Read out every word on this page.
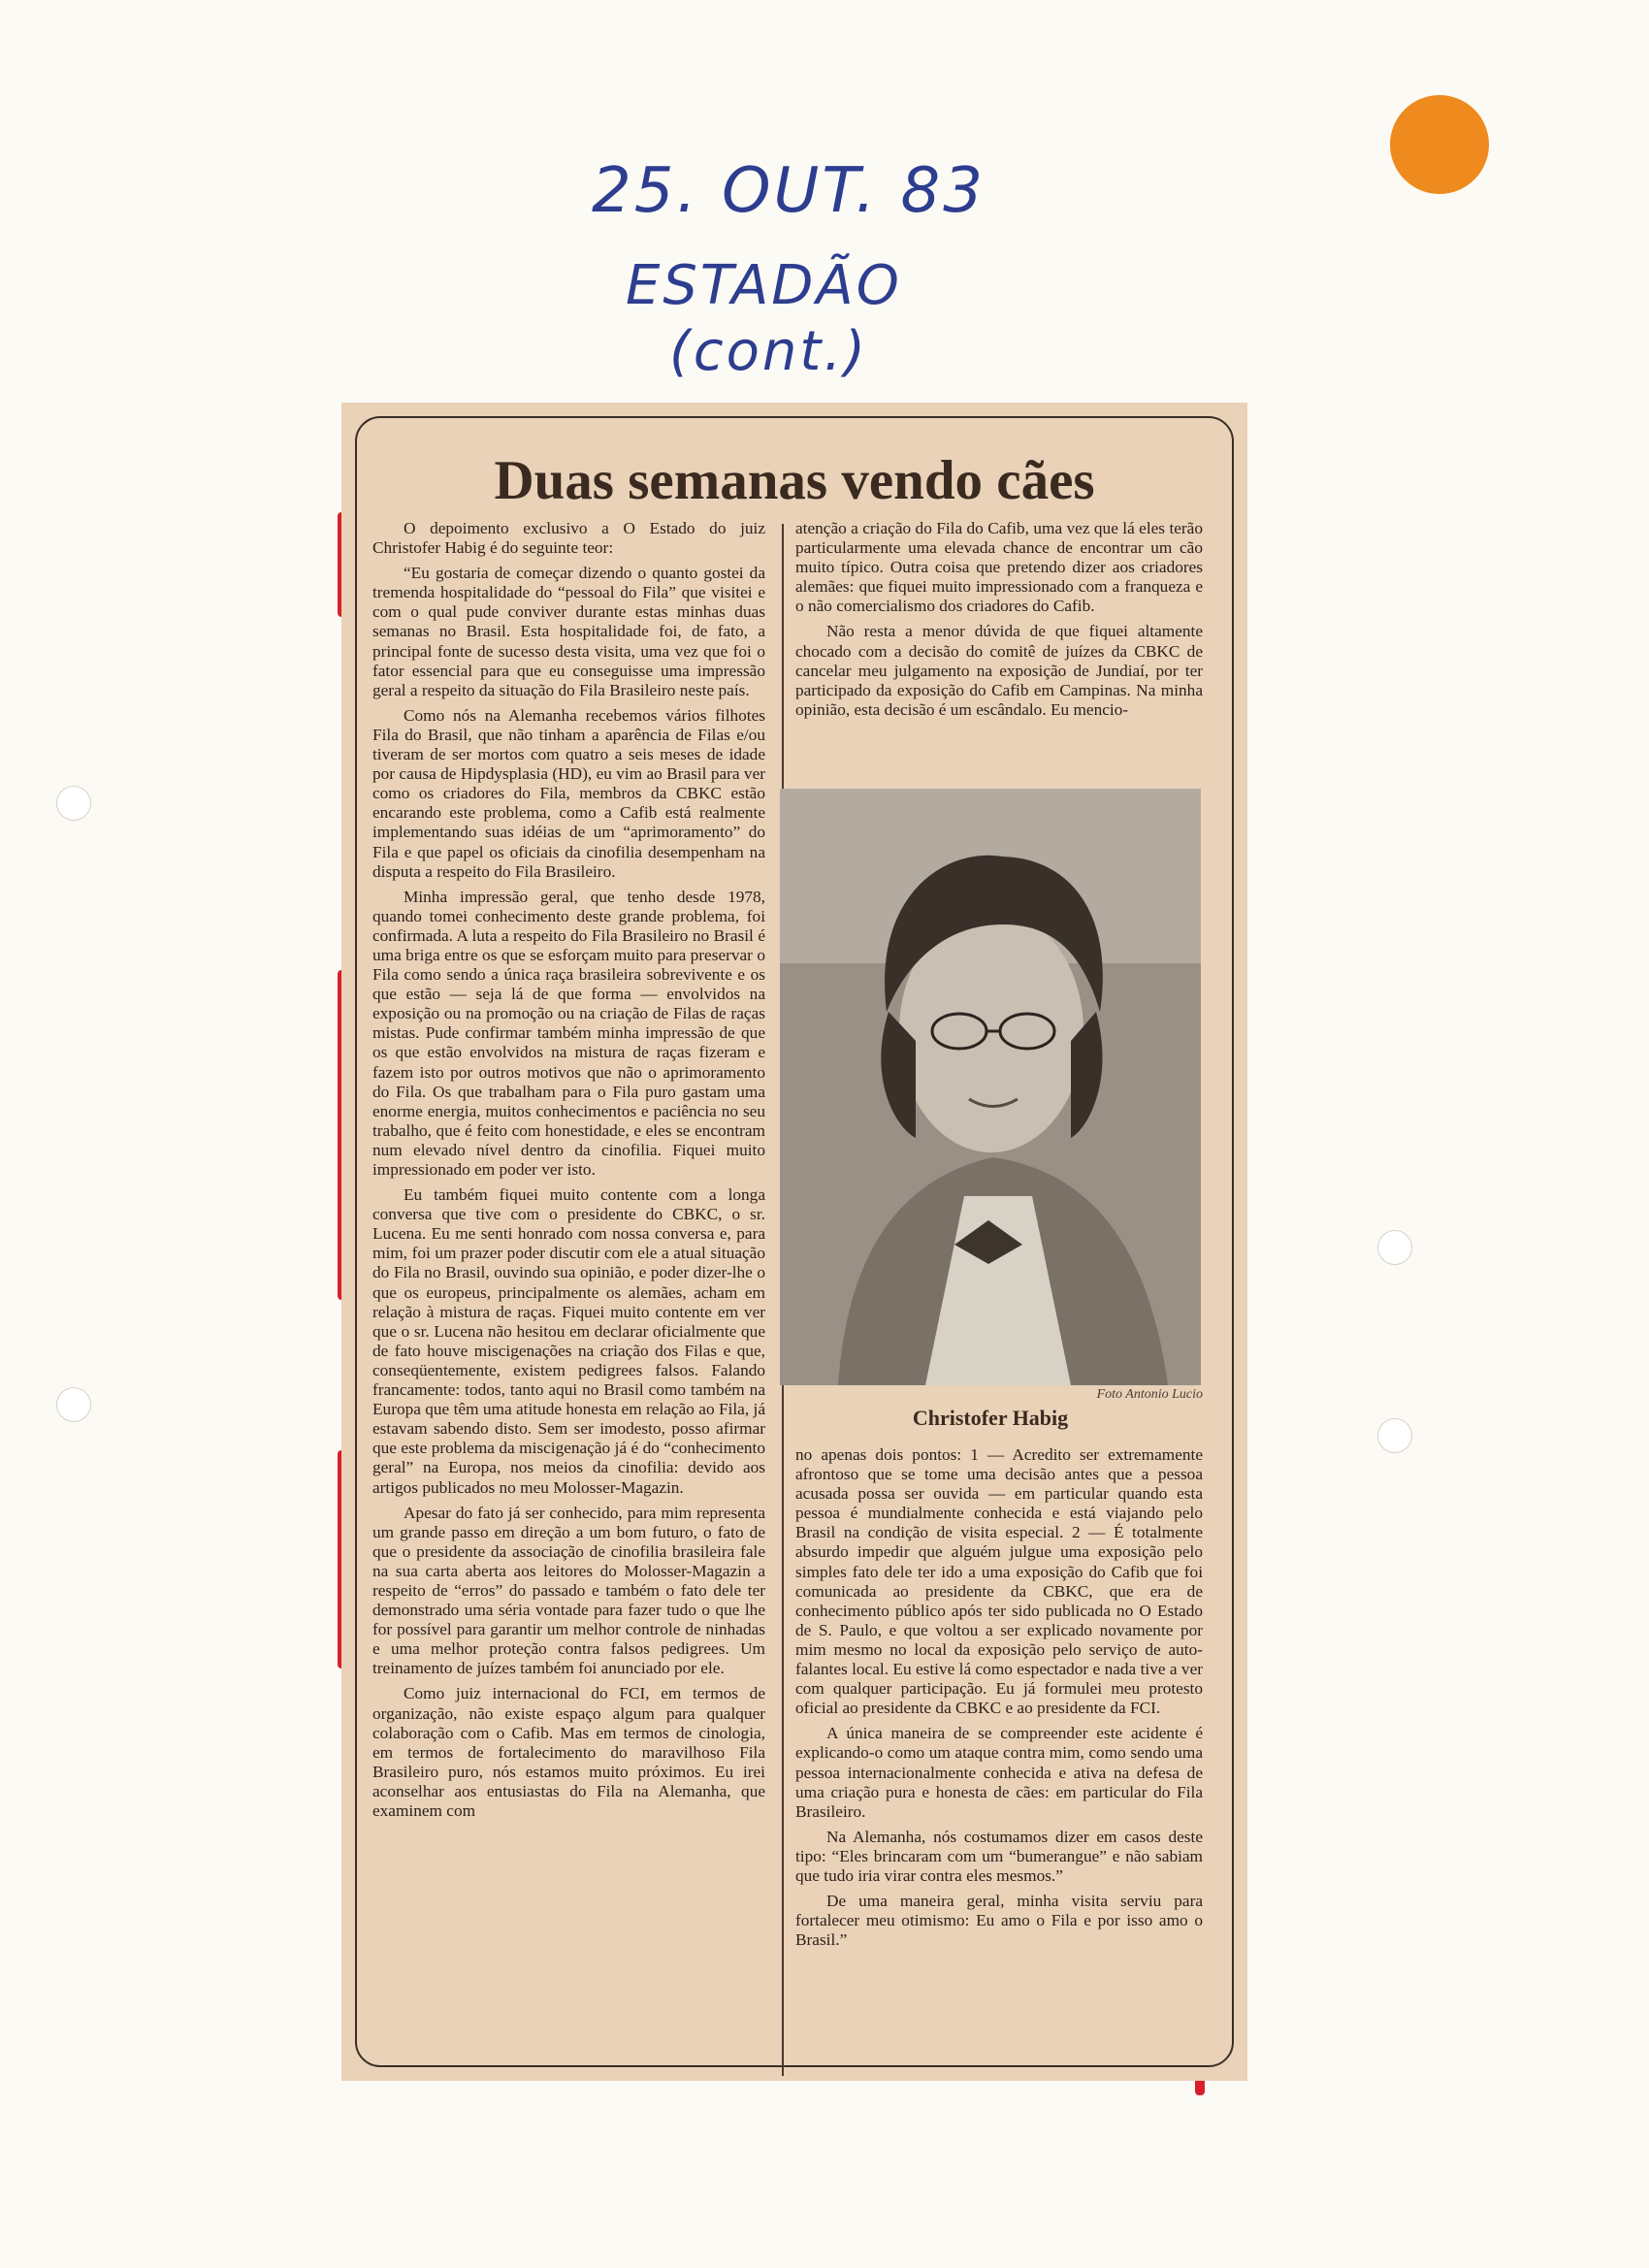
25. OUT. 83
ESTADÃO
(cont.)
Duas semanas vendo cães

O depoimento exclusivo a O Estado do juiz Christofer Habig é do seguinte teor:

“Eu gostaria de começar dizendo o quanto gostei da tremenda hospitalidade do “pessoal do Fila” que visitei e com o qual pude conviver durante estas minhas duas semanas no Brasil. Esta hospitalidade foi, de fato, a principal fonte de sucesso desta visita, uma vez que foi o fator essencial para que eu conseguisse uma impressão geral a respeito da situação do Fila Brasileiro neste país.

Como nós na Alemanha recebemos vários filhotes Fila do Brasil, que não tinham a aparência de Filas e/ou tiveram de ser mortos com quatro a seis meses de idade por causa de Hipdysplasia (HD), eu vim ao Brasil para ver como os criadores do Fila, membros da CBKC estão encarando este problema, como a Cafib está realmente implementando suas idéias de um “aprimoramento” do Fila e que papel os oficiais da cinofilia desempenham na disputa a respeito do Fila Brasileiro.

Minha impressão geral, que tenho desde 1978, quando tomei conhecimento deste grande problema, foi confirmada. A luta a respeito do Fila Brasileiro no Brasil é uma briga entre os que se esforçam muito para preservar o Fila como sendo a única raça brasileira sobrevivente e os que estão — seja lá de que forma — envolvidos na exposição ou na promoção ou na criação de Filas de raças mistas. Pude confirmar também minha impressão de que os que estão envolvidos na mistura de raças fizeram e fazem isto por outros motivos que não o aprimoramento do Fila. Os que trabalham para o Fila puro gastam uma enorme energia, muitos conhecimentos e paciência no seu trabalho, que é feito com honestidade, e eles se encontram num elevado nível dentro da cinofilia. Fiquei muito impressionado em poder ver isto.

Eu também fiquei muito contente com a longa conversa que tive com o presidente do CBKC, o sr. Lucena. Eu me senti honrado com nossa conversa e, para mim, foi um prazer poder discutir com ele a atual situação do Fila no Brasil, ouvindo sua opinião, e poder dizer-lhe o que os europeus, principalmente os alemães, acham em relação à mistura de raças. Fiquei muito contente em ver que o sr. Lucena não hesitou em declarar oficialmente que de fato houve miscigenações na criação dos Filas e que, conseqüentemente, existem pedigrees falsos. Falando francamente: todos, tanto aqui no Brasil como também na Europa que têm uma atitude honesta em relação ao Fila, já estavam sabendo disto. Sem ser imodesto, posso afirmar que este problema da miscigenação já é do “conhecimento geral” na Europa, nos meios da cinofilia: devido aos artigos publicados no meu Molosser-Magazin.

Apesar do fato já ser conhecido, para mim representa um grande passo em direção a um bom futuro, o fato de que o presidente da associação de cinofilia brasileira fale na sua carta aberta aos leitores do Molosser-Magazin a respeito de “erros” do passado e também o fato dele ter demonstrado uma séria vontade para fazer tudo o que lhe for possível para garantir um melhor controle de ninhadas e uma melhor proteção contra falsos pedigrees. Um treinamento de juízes também foi anunciado por ele.

Como juiz internacional do FCI, em termos de organização, não existe espaço algum para qualquer colaboração com o Cafib. Mas em termos de cinologia, em termos de fortalecimento do maravilhoso Fila Brasileiro puro, nós estamos muito próximos. Eu irei aconselhar aos entusiastas do Fila na Alemanha, que examinem com

atenção a criação do Fila do Cafib, uma vez que lá eles terão particularmente uma elevada chance de encontrar um cão muito típico. Outra coisa que pretendo dizer aos criadores alemães: que fiquei muito impressionado com a franqueza e o não comercialismo dos criadores do Cafib.

Não resta a menor dúvida de que fiquei altamente chocado com a decisão do comitê de juízes da CBKC de cancelar meu julgamento na exposição de Jundiaí, por ter participado da exposição do Cafib em Campinas. Na minha opinião, esta decisão é um escândalo. Eu mencio-

Foto Antonio Lucio
Christofer Habig

no apenas dois pontos: 1 — Acredito ser extremamente afrontoso que se tome uma decisão antes que a pessoa acusada possa ser ouvida — em particular quando esta pessoa é mundialmente conhecida e está viajando pelo Brasil na condição de visita especial. 2 — É totalmente absurdo impedir que alguém julgue uma exposição pelo simples fato dele ter ido a uma exposição do Cafib que foi comunicada ao presidente da CBKC, que era de conhecimento público após ter sido publicada no O Estado de S. Paulo, e que voltou a ser explicado novamente por mim mesmo no local da exposição pelo serviço de auto-falantes local. Eu estive lá como espectador e nada tive a ver com qualquer participação. Eu já formulei meu protesto oficial ao presidente da CBKC e ao presidente da FCI.

A única maneira de se compreender este acidente é explicando-o como um ataque contra mim, como sendo uma pessoa internacionalmente conhecida e ativa na defesa de uma criação pura e honesta de cães: em particular do Fila Brasileiro.

Na Alemanha, nós costumamos dizer em casos deste tipo: “Eles brincaram com um “bumerangue” e não sabiam que tudo iria virar contra eles mesmos.”

De uma maneira geral, minha visita serviu para fortalecer meu otimismo: Eu amo o Fila e por isso amo o Brasil.”
